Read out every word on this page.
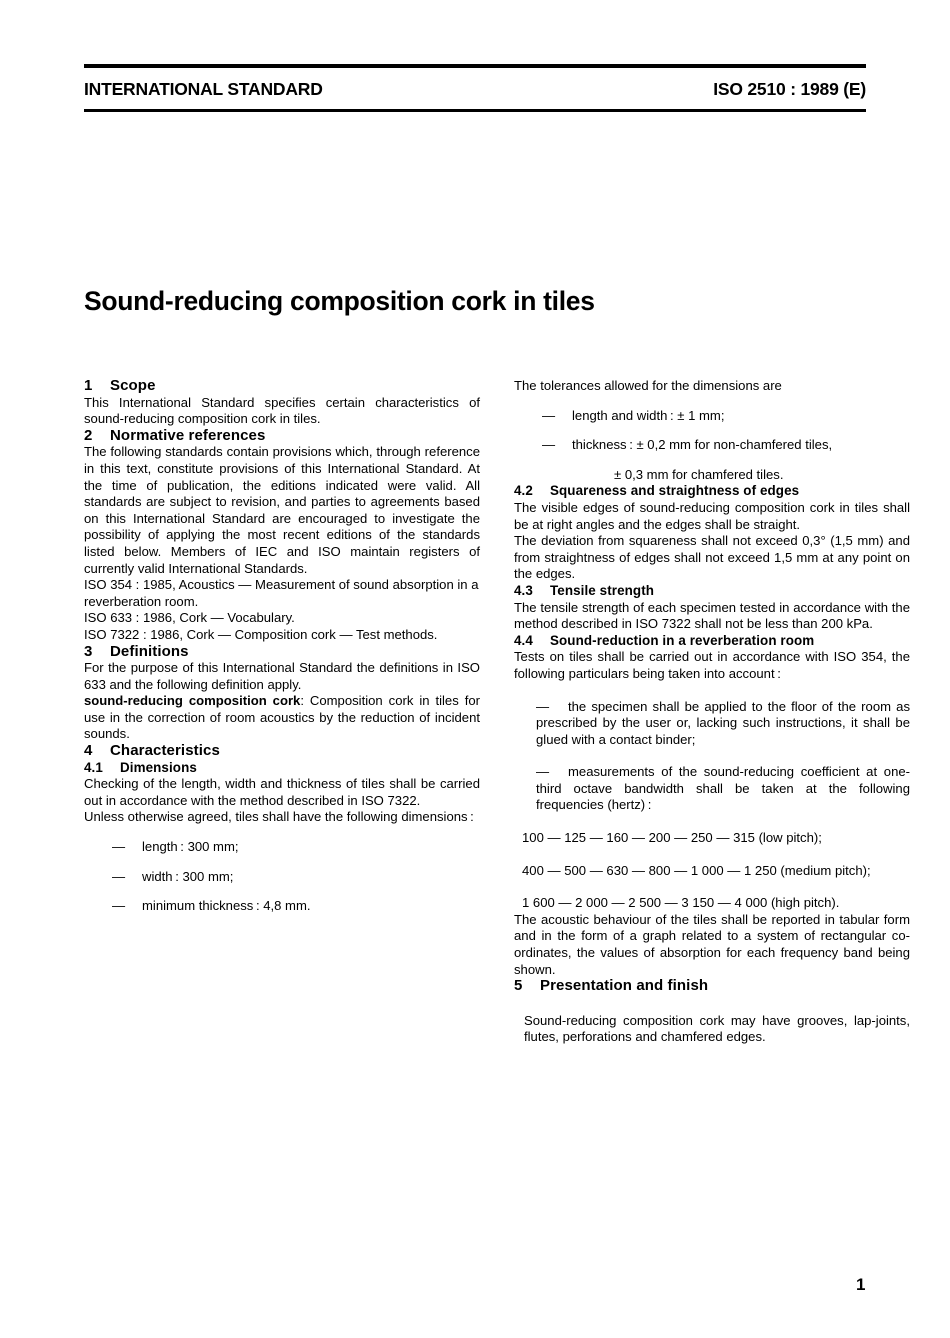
INTERNATIONAL STANDARD	ISO 2510 : 1989 (E)
Sound-reducing composition cork in tiles
1 Scope

This International Standard specifies certain characteristics of sound-reducing composition cork in tiles.

2 Normative references

The following standards contain provisions which, through reference in this text, constitute provisions of this International Standard. At the time of publication, the editions indicated were valid. All standards are subject to revision, and parties to agreements based on this International Standard are encouraged to investigate the possibility of applying the most recent editions of the standards listed below. Members of IEC and ISO maintain registers of currently valid International Standards.

ISO 354 : 1985, Acoustics — Measurement of sound absorption in a reverberation room.

ISO 633 : 1986, Cork — Vocabulary.

ISO 7322 : 1986, Cork — Composition cork — Test methods.

3 Definitions

For the purpose of this International Standard the definitions in ISO 633 and the following definition apply.

sound-reducing composition cork: Composition cork in tiles for use in the correction of room acoustics by the reduction of incident sounds.

4 Characteristics
4.1 Dimensions

Checking of the length, width and thickness of tiles shall be carried out in accordance with the method described in ISO 7322.

Unless otherwise agreed, tiles shall have the following dimensions :

— length : 300 mm;
— width : 300 mm;
— minimum thickness : 4,8 mm.

The tolerances allowed for the dimensions are

— length and width : ± 1 mm;
— thickness : ± 0,2 mm for non-chamfered tiles,
± 0,3 mm for chamfered tiles.
4.2 Squareness and straightness of edges

The visible edges of sound-reducing composition cork in tiles shall be at right angles and the edges shall be straight.

The deviation from squareness shall not exceed 0,3° (1,5 mm) and from straightness of edges shall not exceed 1,5 mm at any point on the edges.

4.3 Tensile strength

The tensile strength of each specimen tested in accordance with the method described in ISO 7322 shall not be less than 200 kPa.

4.4 Sound-reduction in a reverberation room

Tests on tiles shall be carried out in accordance with ISO 354, the following particulars being taken into account :

— the specimen shall be applied to the floor of the room as prescribed by the user or, lacking such instructions, it shall be glued with a contact binder;
— measurements of the sound-reducing coefficient at one-third octave bandwidth shall be taken at the following frequencies (hertz) :
100 — 125 — 160 — 200 — 250 — 315 (low pitch);
400 — 500 — 630 — 800 — 1 000 — 1 250 (medium pitch);
1 600 — 2 000 — 2 500 — 3 150 — 4 000 (high pitch).

The acoustic behaviour of the tiles shall be reported in tabular form and in the form of a graph related to a system of rectangular co-ordinates, the values of absorption for each frequency band being shown.

5 Presentation and finish
Sound-reducing composition cork may have grooves, lap-joints, flutes, perforations and chamfered edges.
1
